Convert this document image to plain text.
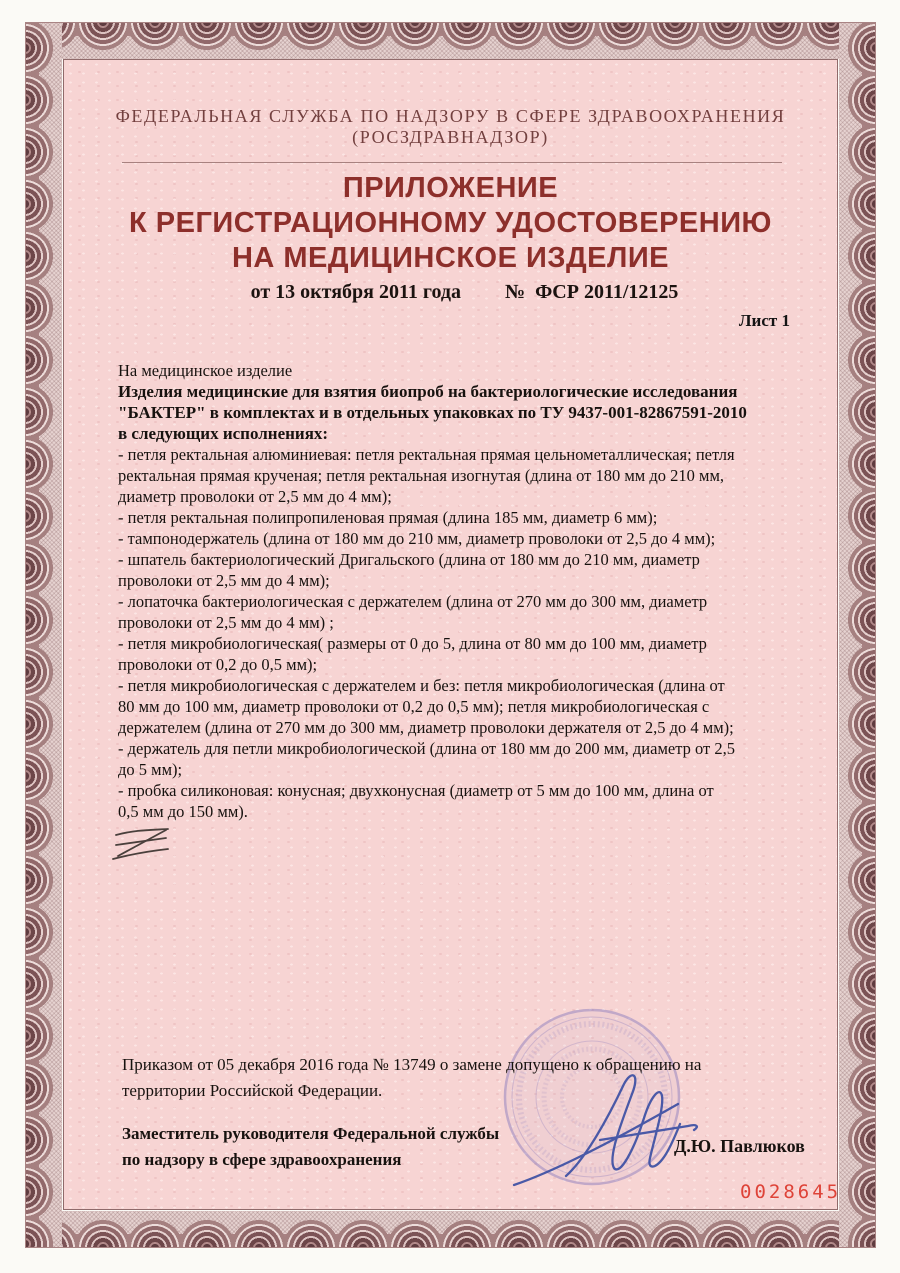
ФЕДЕРАЛЬНАЯ СЛУЖБА ПО НАДЗОРУ В СФЕРЕ ЗДРАВООХРАНЕНИЯ
(РОСЗДРАВНАДЗОР)
ПРИЛОЖЕНИЕ
К РЕГИСТРАЦИОННОМУ УДОСТОВЕРЕНИЮ
НА МЕДИЦИНСКОЕ ИЗДЕЛИЕ
от 13 октября 2011 года №  ФСР 2011/12125
Лист 1
На медицинское изделие
Изделия медицинские для взятия биопроб на бактериологические исследования
"БАКТЕР" в комплектах и в отдельных упаковках по ТУ 9437-001-82867591-2010
в следующих исполнениях:
- петля ректальная алюминиевая: петля ректальная прямая цельнометаллическая; петля
ректальная прямая крученая; петля ректальная изогнутая (длина от 180 мм до 210 мм,
диаметр проволоки от 2,5 мм до 4 мм);
- петля ректальная полипропиленовая прямая (длина 185 мм, диаметр 6 мм);
- тампонодержатель (длина от 180 мм до 210 мм, диаметр проволоки от 2,5 до 4 мм);
- шпатель бактериологический Дригальского (длина от 180 мм до 210 мм, диаметр
проволоки от 2,5 мм до 4 мм);
- лопаточка бактериологическая с держателем (длина от 270 мм до 300 мм, диаметр
проволоки от 2,5 мм до 4 мм) ;
- петля микробиологическая( размеры от 0 до 5, длина от 80 мм до 100 мм, диаметр
проволоки от 0,2 до 0,5 мм);
- петля микробиологическая с держателем и без: петля микробиологическая (длина от
80 мм до 100 мм, диаметр проволоки от 0,2 до 0,5 мм); петля микробиологическая с
держателем (длина от 270 мм до 300 мм, диаметр проволоки держателя от 2,5 до 4 мм);
- держатель для петли микробиологической (длина от 180 мм до 200 мм, диаметр от 2,5
до 5 мм);
- пробка силиконовая: конусная; двухконусная (диаметр от 5 мм до 100 мм, длина от
0,5 мм до 150 мм).
Приказом от 05 декабря 2016 года № 13749 о замене допущено к обращению на
территории Российской Федерации.
Заместитель руководителя Федеральной службы
по надзору в сфере здравоохранения
Д.Ю. Павлюков
0028645
